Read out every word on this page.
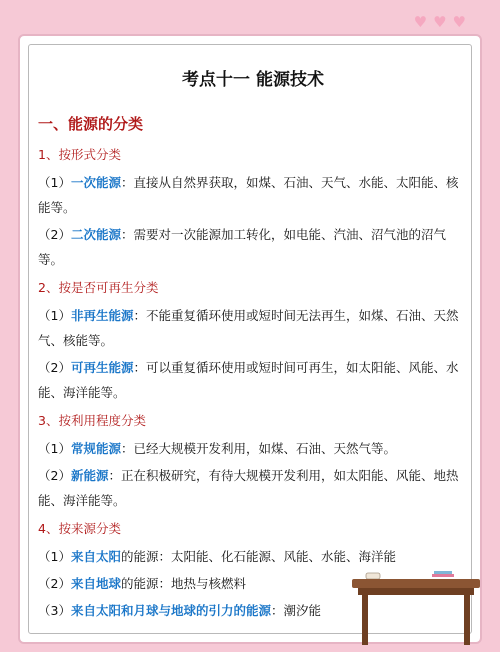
♥ ♥ ♥
考点十一 能源技术
一、能源的分类
1、按形式分类
（1）一次能源：直接从自然界获取，如煤、石油、天气、水能、太阳能、核能等。
（2）二次能源：需要对一次能源加工转化，如电能、汽油、沼气池的沼气等。
2、按是否可再生分类
（1）非再生能源：不能重复循环使用或短时间无法再生，如煤、石油、天然气、核能等。
（2）可再生能源：可以重复循环使用或短时间可再生，如太阳能、风能、水能、海洋能等。
3、按利用程度分类
（1）常规能源：已经大规模开发利用，如煤、石油、天然气等。
（2）新能源：正在积极研究，有待大规模开发利用，如太阳能、风能、地热能、海洋能等。
4、按来源分类
（1）来自太阳的能源：太阳能、化石能源、风能、水能、海洋能
（2）来自地球的能源：地热与核燃料
（3）来自太阳和月球与地球的引力的能源：潮汐能
